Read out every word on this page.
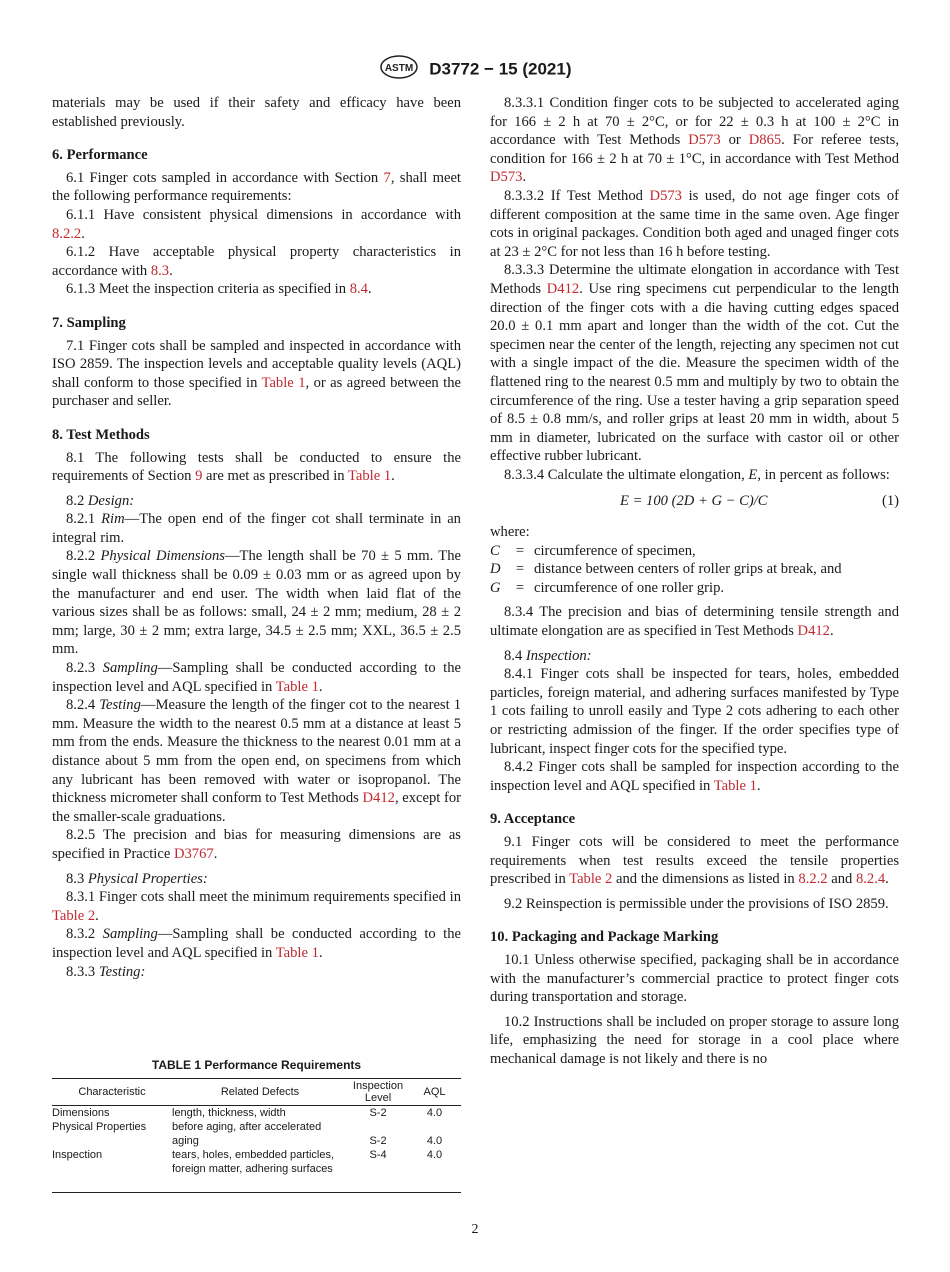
ASTM D3772 − 15 (2021)

materials may be used if their safety and efficacy have been established previously.

6. Performance

6.1 Finger cots sampled in accordance with Section 7, shall meet the following performance requirements:

6.1.1 Have consistent physical dimensions in accordance with 8.2.2.

6.1.2 Have acceptable physical property characteristics in accordance with 8.3.

6.1.3 Meet the inspection criteria as specified in 8.4.

7. Sampling

7.1 Finger cots shall be sampled and inspected in accordance with ISO 2859. The inspection levels and acceptable quality levels (AQL) shall conform to those specified in Table 1, or as agreed between the purchaser and seller.

8. Test Methods

8.1 The following tests shall be conducted to ensure the requirements of Section 9 are met as prescribed in Table 1.

8.2 Design:

8.2.1 Rim—The open end of the finger cot shall terminate in an integral rim.

8.2.2 Physical Dimensions—The length shall be 70 ± 5 mm. The single wall thickness shall be 0.09 ± 0.03 mm or as agreed upon by the manufacturer and end user. The width when laid flat of the various sizes shall be as follows: small, 24 ± 2 mm; medium, 28 ± 2 mm; large, 30 ± 2 mm; extra large, 34.5 ± 2.5 mm; XXL, 36.5 ± 2.5 mm.

8.2.3 Sampling—Sampling shall be conducted according to the inspection level and AQL specified in Table 1.

8.2.4 Testing—Measure the length of the finger cot to the nearest 1 mm. Measure the width to the nearest 0.5 mm at a distance at least 5 mm from the ends. Measure the thickness to the nearest 0.01 mm at a distance about 5 mm from the open end, on specimens from which any lubricant has been removed with water or isopropanol. The thickness micrometer shall conform to Test Methods D412, except for the smaller-scale graduations.

8.2.5 The precision and bias for measuring dimensions are as specified in Practice D3767.

8.3 Physical Properties:

8.3.1 Finger cots shall meet the minimum requirements specified in Table 2.

8.3.2 Sampling—Sampling shall be conducted according to the inspection level and AQL specified in Table 1.

8.3.3 Testing:

TABLE 1 Performance Requirements
Characteristic	Related Defects	Inspection Level	AQL
Dimensions	length, thickness, width	S-2	4.0
Physical Properties	before aging, after accelerated		
	aging	S-2	4.0
Inspection	tears, holes, embedded particles,	S-4	4.0
	foreign matter, adhering surfaces		

8.3.3.1 Condition finger cots to be subjected to accelerated aging for 166 ± 2 h at 70 ± 2°C, or for 22 ± 0.3 h at 100 ± 2°C in accordance with Test Methods D573 or D865. For referee tests, condition for 166 ± 2 h at 70 ± 1°C, in accordance with Test Method D573.

8.3.3.2 If Test Method D573 is used, do not age finger cots of different composition at the same time in the same oven. Age finger cots in original packages. Condition both aged and unaged finger cots at 23 ± 2°C for not less than 16 h before testing.

8.3.3.3 Determine the ultimate elongation in accordance with Test Methods D412. Use ring specimens cut perpendicular to the length direction of the finger cots with a die having cutting edges spaced 20.0 ± 0.1 mm apart and longer than the width of the cot. Cut the specimen near the center of the length, rejecting any specimen not cut with a single impact of the die. Measure the specimen width of the flattened ring to the nearest 0.5 mm and multiply by two to obtain the circumference of the ring. Use a tester having a grip separation speed of 8.5 ± 0.8 mm/s, and roller grips at least 20 mm in width, about 5 mm in diameter, lubricated on the surface with castor oil or other effective rubber lubricant.

8.3.3.4 Calculate the ultimate elongation, E, in percent as follows:

E = 100 (2D + G − C)/C	(1)

where:

C	= circumference of specimen,
D	= distance between centers of roller grips at break, and
G	= circumference of one roller grip.

8.3.4 The precision and bias of determining tensile strength and ultimate elongation are as specified in Test Methods D412.

8.4 Inspection:

8.4.1 Finger cots shall be inspected for tears, holes, embedded particles, foreign material, and adhering surfaces manifested by Type 1 cots failing to unroll easily and Type 2 cots adhering to each other or restricting admission of the finger. If the order specifies type of lubricant, inspect finger cots for the specified type.

8.4.2 Finger cots shall be sampled for inspection according to the inspection level and AQL specified in Table 1.

9. Acceptance

9.1 Finger cots will be considered to meet the performance requirements when test results exceed the tensile properties prescribed in Table 2 and the dimensions as listed in 8.2.2 and 8.2.4.

9.2 Reinspection is permissible under the provisions of ISO 2859.

10. Packaging and Package Marking

10.1 Unless otherwise specified, packaging shall be in accordance with the manufacturer’s commercial practice to protect finger cots during transportation and storage.

10.2 Instructions shall be included on proper storage to assure long life, emphasizing the need for storage in a cool place where mechanical damage is not likely and there is no

2
